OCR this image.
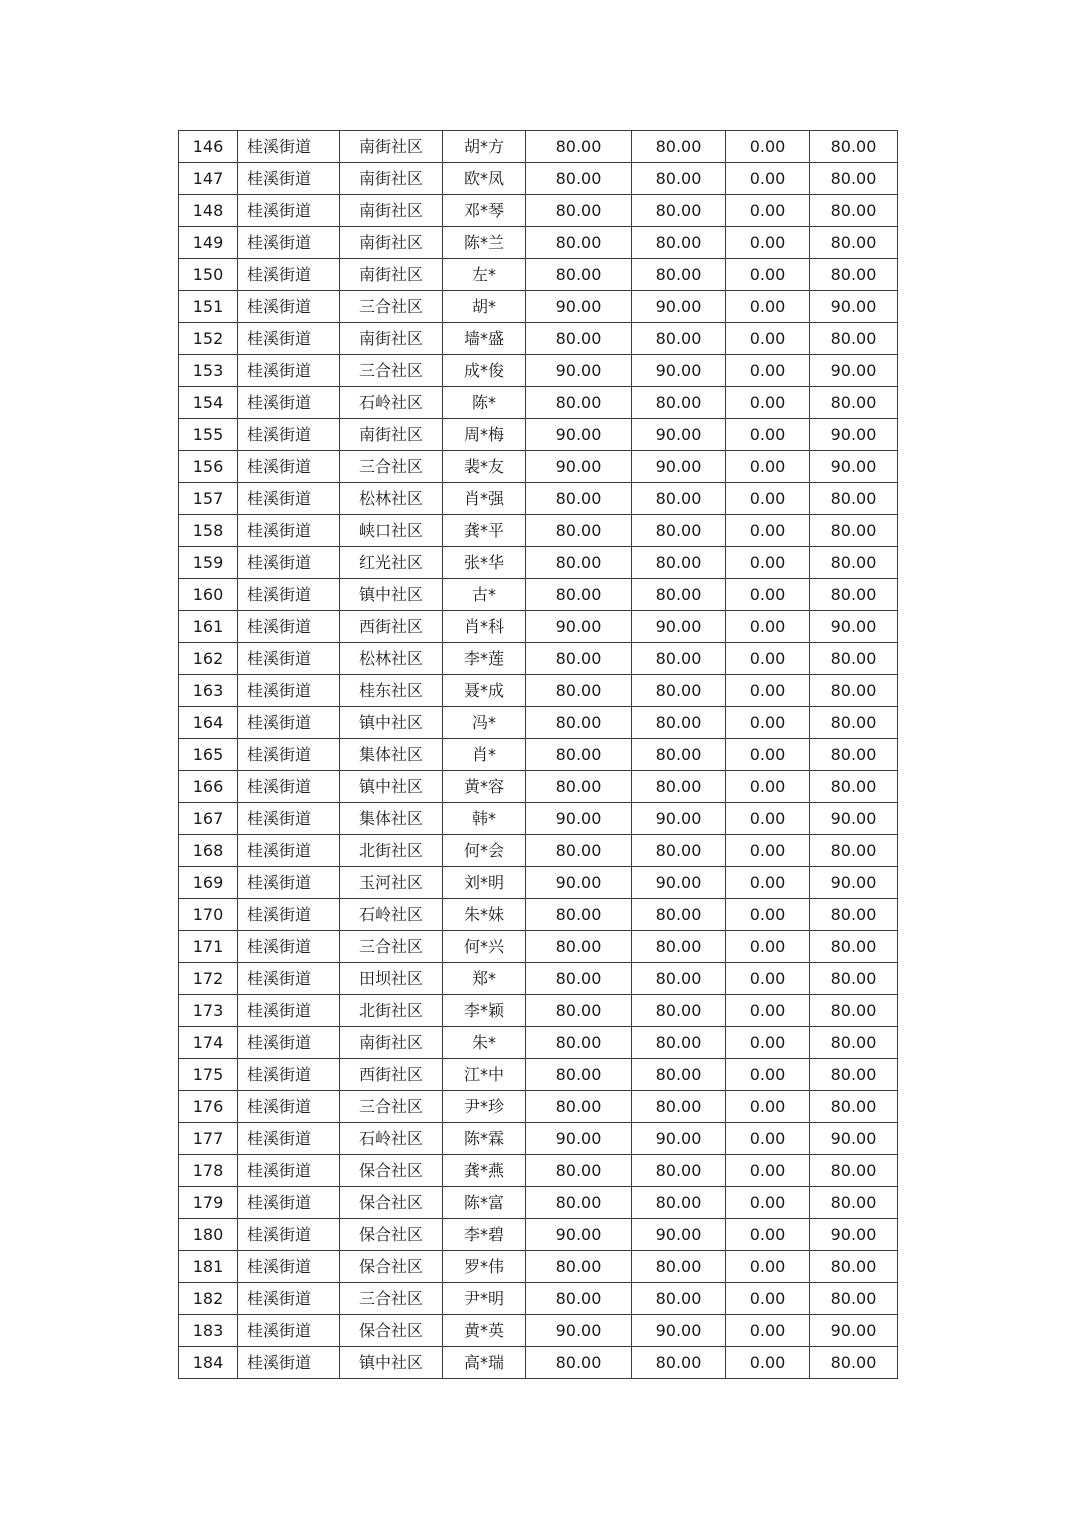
146	桂溪街道	南街社区	胡*方	80.00	80.00	0.00	80.00
147	桂溪街道	南街社区	欧*凤	80.00	80.00	0.00	80.00
148	桂溪街道	南街社区	邓*琴	80.00	80.00	0.00	80.00
149	桂溪街道	南街社区	陈*兰	80.00	80.00	0.00	80.00
150	桂溪街道	南街社区	左*	80.00	80.00	0.00	80.00
151	桂溪街道	三合社区	胡*	90.00	90.00	0.00	90.00
152	桂溪街道	南街社区	墙*盛	80.00	80.00	0.00	80.00
153	桂溪街道	三合社区	成*俊	90.00	90.00	0.00	90.00
154	桂溪街道	石岭社区	陈*	80.00	80.00	0.00	80.00
155	桂溪街道	南街社区	周*梅	90.00	90.00	0.00	90.00
156	桂溪街道	三合社区	裴*友	90.00	90.00	0.00	90.00
157	桂溪街道	松林社区	肖*强	80.00	80.00	0.00	80.00
158	桂溪街道	峡口社区	龚*平	80.00	80.00	0.00	80.00
159	桂溪街道	红光社区	张*华	80.00	80.00	0.00	80.00
160	桂溪街道	镇中社区	古*	80.00	80.00	0.00	80.00
161	桂溪街道	西街社区	肖*科	90.00	90.00	0.00	90.00
162	桂溪街道	松林社区	李*莲	80.00	80.00	0.00	80.00
163	桂溪街道	桂东社区	聂*成	80.00	80.00	0.00	80.00
164	桂溪街道	镇中社区	冯*	80.00	80.00	0.00	80.00
165	桂溪街道	集体社区	肖*	80.00	80.00	0.00	80.00
166	桂溪街道	镇中社区	黄*容	80.00	80.00	0.00	80.00
167	桂溪街道	集体社区	韩*	90.00	90.00	0.00	90.00
168	桂溪街道	北街社区	何*会	80.00	80.00	0.00	80.00
169	桂溪街道	玉河社区	刘*明	90.00	90.00	0.00	90.00
170	桂溪街道	石岭社区	朱*妹	80.00	80.00	0.00	80.00
171	桂溪街道	三合社区	何*兴	80.00	80.00	0.00	80.00
172	桂溪街道	田坝社区	郑*	80.00	80.00	0.00	80.00
173	桂溪街道	北街社区	李*颖	80.00	80.00	0.00	80.00
174	桂溪街道	南街社区	朱*	80.00	80.00	0.00	80.00
175	桂溪街道	西街社区	江*中	80.00	80.00	0.00	80.00
176	桂溪街道	三合社区	尹*珍	80.00	80.00	0.00	80.00
177	桂溪街道	石岭社区	陈*霖	90.00	90.00	0.00	90.00
178	桂溪街道	保合社区	龚*燕	80.00	80.00	0.00	80.00
179	桂溪街道	保合社区	陈*富	80.00	80.00	0.00	80.00
180	桂溪街道	保合社区	李*碧	90.00	90.00	0.00	90.00
181	桂溪街道	保合社区	罗*伟	80.00	80.00	0.00	80.00
182	桂溪街道	三合社区	尹*明	80.00	80.00	0.00	80.00
183	桂溪街道	保合社区	黄*英	90.00	90.00	0.00	90.00
184	桂溪街道	镇中社区	高*瑞	80.00	80.00	0.00	80.00
